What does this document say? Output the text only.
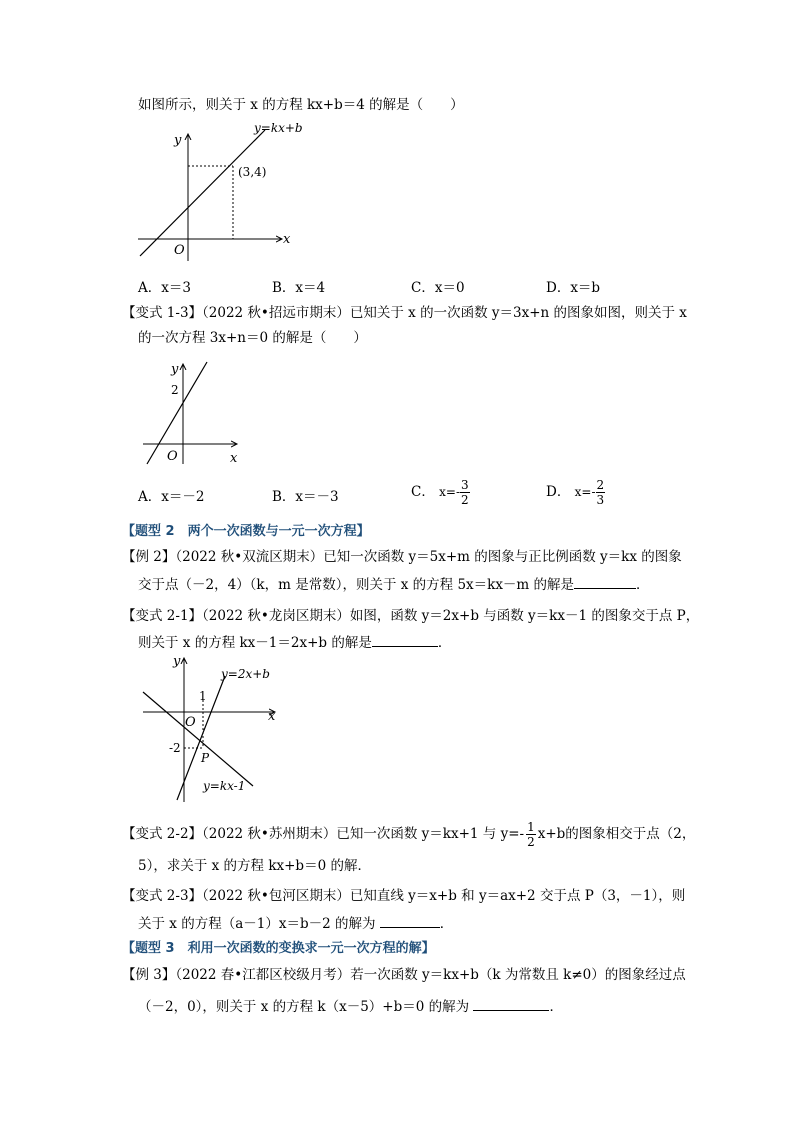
如图所示，则关于 x 的方程 kx+b＝4 的解是（　　）
y
x
O
y=kx+b
(3,4)
A．x＝3	B．x＝4	C．x＝0	D．x＝b
【变式 1-3】（2022 秋•招远市期末）已知关于 x 的一次函数 y＝3x+n 的图象如图，则关于 x
的一次方程 3x+n＝0 的解是（　　）
y
x
O
2
A．x＝－2	B．x＝－3	C． $x=- \frac{3}{2}$	D． $x=- \frac{2}{3}$
【题型 2　两个一次函数与一元一次方程】
【例 2】（2022 秋•双流区期末）已知一次函数 y＝5x+m 的图象与正比例函数 y＝kx 的图象
交于点（－2，4）（k，m 是常数），则关于 x 的方程 5x＝kx－m 的解是	．
【变式 2-1】（2022 秋•龙岗区期末）如图，函数 y＝2x+b 与函数 y＝kx－1 的图象交于点 P，
则关于 x 的方程 kx－1＝2x+b 的解是	．
y
x
O
1
-2
P
y=2x+b
y=kx-1
【变式 2-2】（2022 秋•苏州期末）已知一次函数 y＝kx+1 与 $y=- \frac{1}{2} x+b$的图象相交于点（2，
5），求关于 x 的方程 kx+b＝0 的解．
【变式 2-3】（2022 秋•包河区期末）已知直线 y＝x+b 和 y＝ax+2 交于点 P（3，－1），则
关于 x 的方程（a－1）x＝b－2 的解为	．
【题型 3　利用一次函数的变换求一元一次方程的解】
【例 3】（2022 春•江都区校级月考）若一次函数 y＝kx+b（k 为常数且 k≠0）的图象经过点
（－2，0），则关于 x 的方程 k（x－5）+b＝0 的解为	．
